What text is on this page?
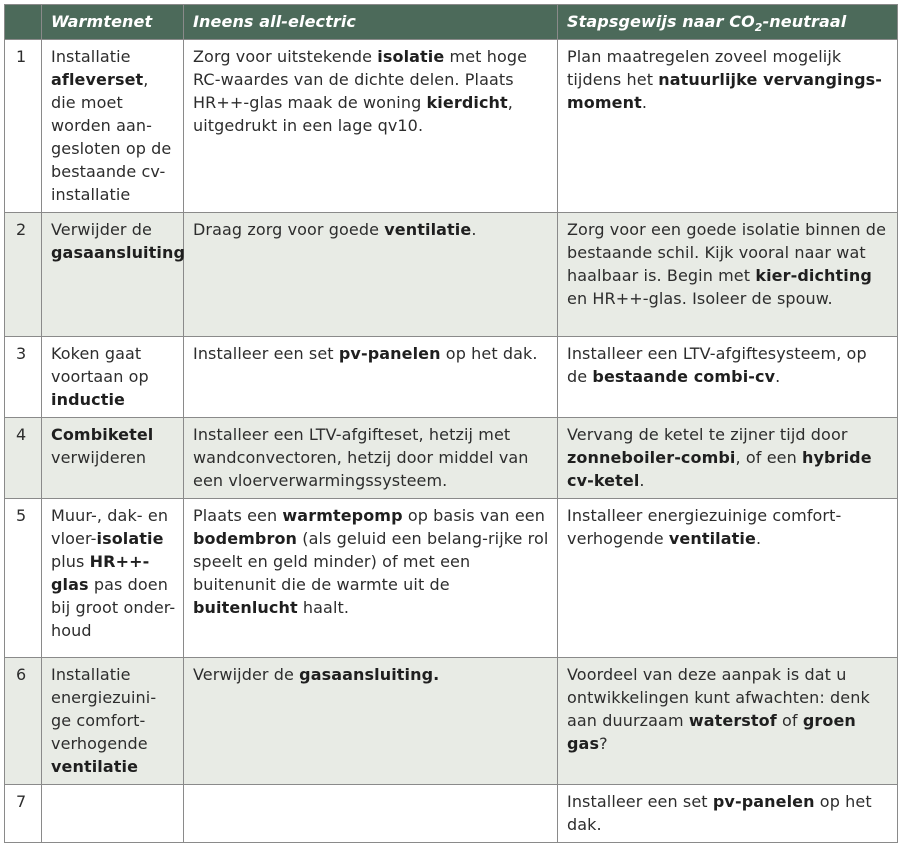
	Warmtenet	Ineens all-electric	Stapsgewijs naar $CO_2$-neutraal
1	Installatie afleverset, die moet worden aan-gesloten op de bestaande cv-installatie	Zorg voor uitstekende isolatie met hoge RC-waardes van de dichte delen. Plaats HR++-glas maak de woning kierdicht, uitgedrukt in een lage qv10.	Plan maatregelen zoveel mogelijk tijdens het natuurlijke vervangings-moment.
2	Verwijder de gasaansluiting	Draag zorg voor goede ventilatie.	Zorg voor een goede isolatie binnen de bestaande schil. Kijk vooral naar wat haalbaar is. Begin met kier-dichting en HR++-glas. Isoleer de spouw.
3	Koken gaat voortaan op inductie	Installeer een set pv-panelen op het dak.	Installeer een LTV-afgiftesysteem, op de bestaande combi-cv.
4	Combiketel verwijderen	Installeer een LTV-afgifteset, hetzij met wandconvectoren, hetzij door middel van een vloerverwarmingssysteem.	Vervang de ketel te zijner tijd door zonneboiler-combi, of een hybride cv-ketel.
5	Muur-, dak- en vloer-isolatie plus HR++-glas pas doen bij groot onder-houd	Plaats een warmtepomp op basis van een bodembron (als geluid een belang-rijke rol speelt en geld minder) of met een buitenunit die de warmte uit de buitenlucht haalt.	Installeer energiezuinige comfort-verhogende ventilatie.
6	Installatie energiezuini-ge comfort-verhogende ventilatie	Verwijder de gasaansluiting.	Voordeel van deze aanpak is dat u ontwikkelingen kunt afwachten: denk aan duurzaam waterstof of groen gas?
7			Installeer een set pv-panelen op het dak.
